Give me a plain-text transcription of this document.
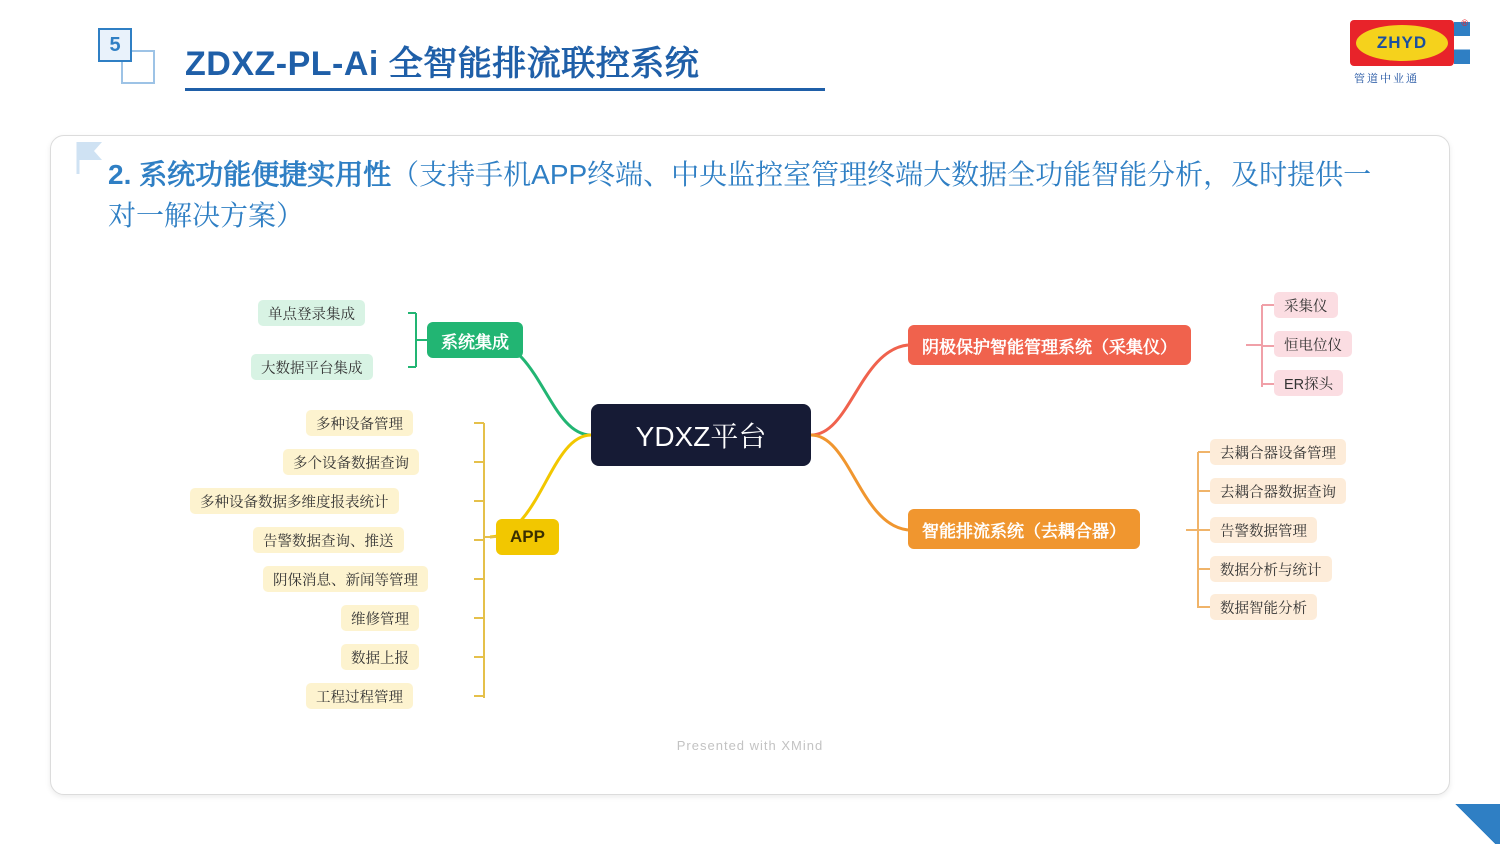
5
ZDXZ-PL-Ai 全智能排流联控系统
ZHYD
®
管道中业通
2. 系统功能便捷实用性（支持手机APP终端、中央监控室管理终端大数据全功能智能分析，及时提供一对一解决方案）
YDXZ平台
系统集成
单点登录集成
大数据平台集成
APP
多种设备管理
多个设备数据查询
多种设备数据多维度报表统计
告警数据查询、推送
阴保消息、新闻等管理
维修管理
数据上报
工程过程管理
阴极保护智能管理系统（采集仪）
采集仪
恒电位仪
ER探头
智能排流系统（去耦合器）
去耦合器设备管理
去耦合器数据查询
告警数据管理
数据分析与统计
数据智能分析
Presented with XMind
